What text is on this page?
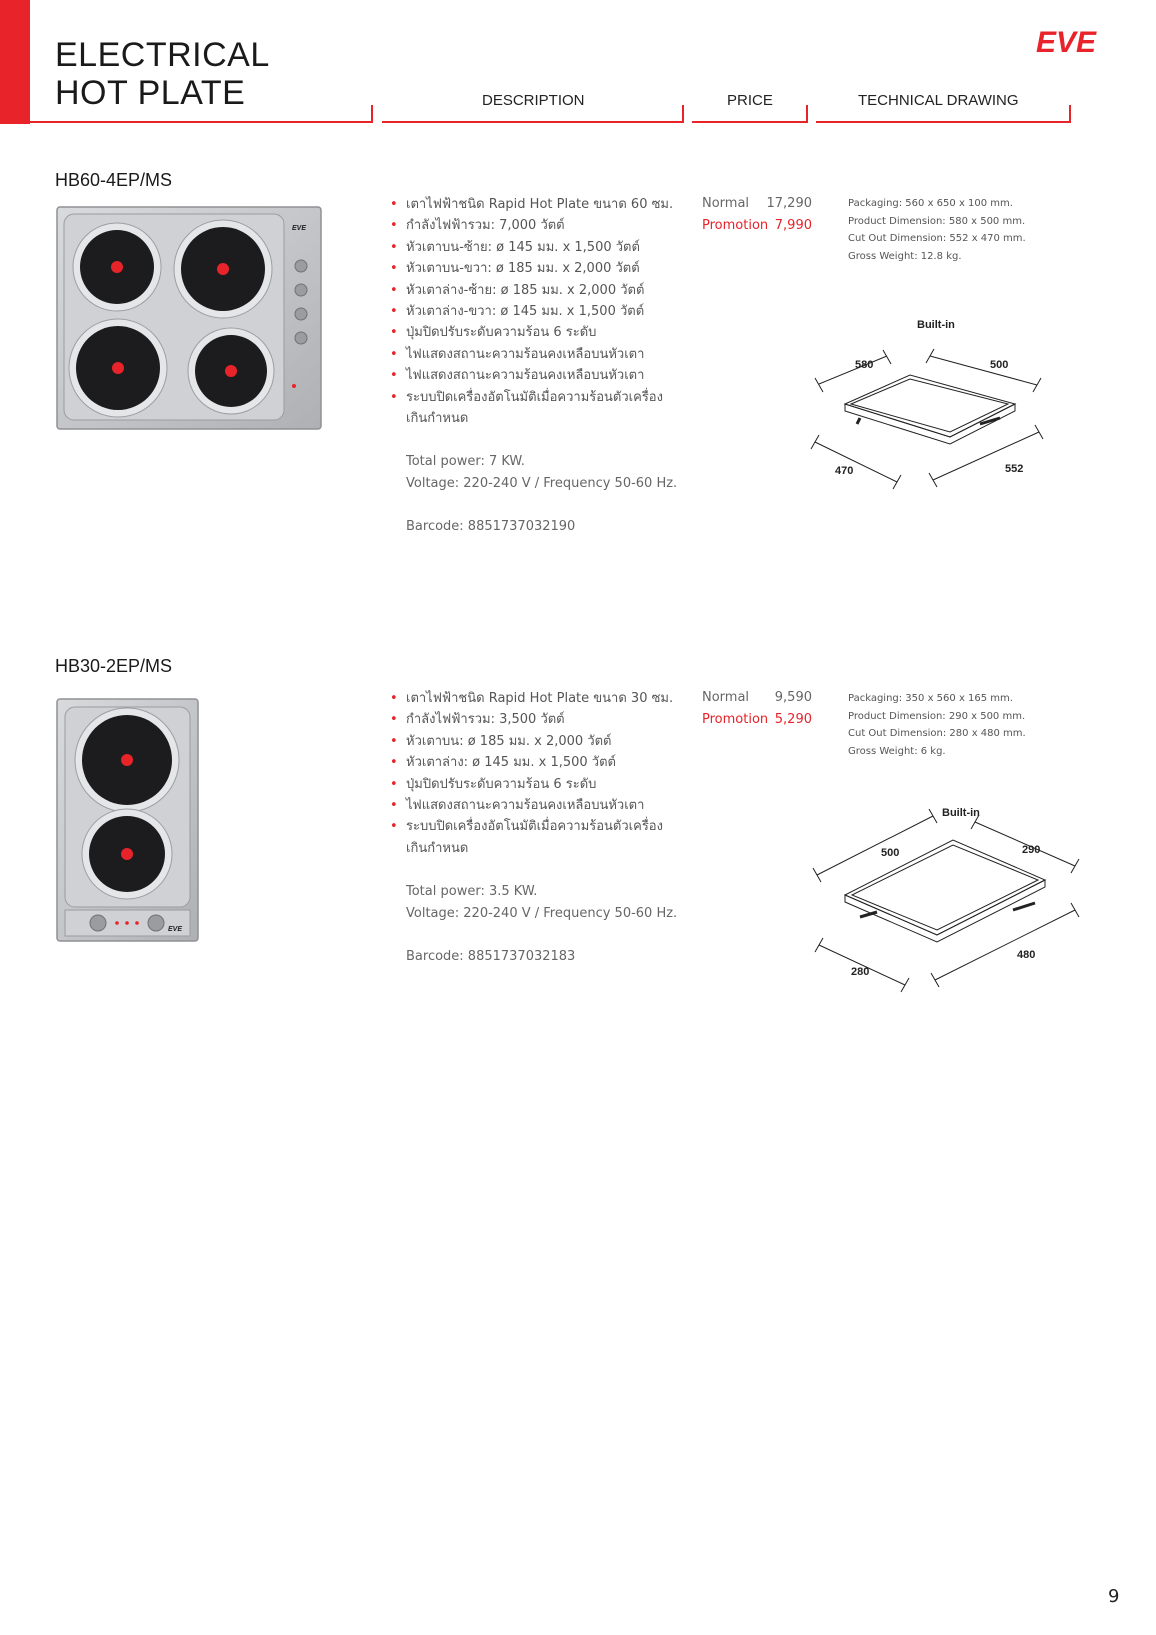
ELECTRICAL
HOT PLATE
EVE
DESCRIPTION	PRICE	TECHNICAL DRAWING
HB60-4EP/MS
EVE
• เตาไฟฟ้าชนิด Rapid Hot Plate ขนาด 60 ซม.
• กำลังไฟฟ้ารวม: 7,000 วัตต์
• หัวเตาบน-ซ้าย: ø 145 มม. x 1,500 วัตต์
• หัวเตาบน-ขวา: ø 185 มม. x 2,000 วัตต์
• หัวเตาล่าง-ซ้าย: ø 185 มม. x 2,000 วัตต์
• หัวเตาล่าง-ขวา: ø 145 มม. x 1,500 วัตต์
• ปุ่มปิดปรับระดับความร้อน 6 ระดับ
• ไฟแสดงสถานะความร้อนคงเหลือบนหัวเตา
• ไฟแสดงสถานะความร้อนคงเหลือบนหัวเตา
• ระบบปิดเครื่องอัตโนมัติเมื่อความร้อนตัวเครื่องเกินกำหนด
Total power: 7 KW.
Voltage: 220-240 V / Frequency 50-60 Hz.
Barcode: 8851737032190
Normal 17,290
Promotion 7,990
Packaging: 560 x 650 x 100 mm.
Product Dimension: 580 x 500 mm.
Cut Out Dimension: 552 x 470 mm.
Gross Weight: 12.8 kg.
Built-in
580	500
470	552
HB30-2EP/MS
EVE
• เตาไฟฟ้าชนิด Rapid Hot Plate ขนาด 30 ซม.
• กำลังไฟฟ้ารวม: 3,500 วัตต์
• หัวเตาบน: ø 185 มม. x 2,000 วัตต์
• หัวเตาล่าง: ø 145 มม. x 1,500 วัตต์
• ปุ่มปิดปรับระดับความร้อน 6 ระดับ
• ไฟแสดงสถานะความร้อนคงเหลือบนหัวเตา
• ระบบปิดเครื่องอัตโนมัติเมื่อความร้อนตัวเครื่องเกินกำหนด
Total power: 3.5 KW.
Voltage: 220-240 V / Frequency 50-60 Hz.
Barcode: 8851737032183
Normal 9,590
Promotion 5,290
Packaging: 350 x 560 x 165 mm.
Product Dimension: 290 x 500 mm.
Cut Out Dimension: 280 x 480 mm.
Gross Weight: 6 kg.
Built-in
500	290
280
480
9
